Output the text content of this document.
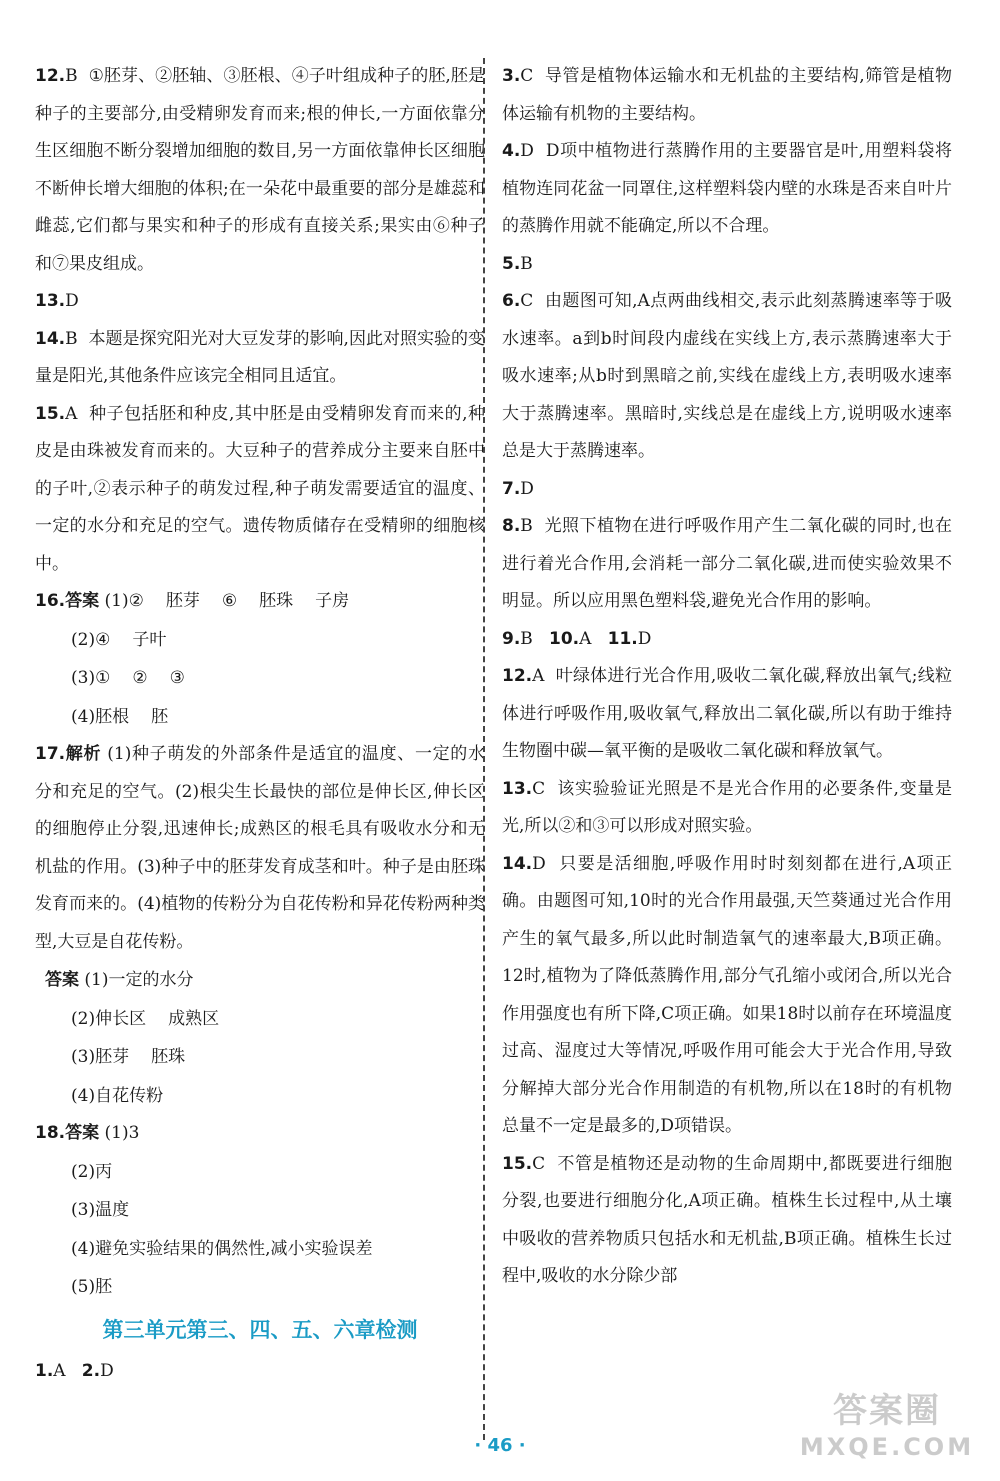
12.B ①胚芽、②胚轴、③胚根、④子叶组成种子的胚,胚是种子的主要部分,由受精卵发育而来;根的伸长,一方面依靠分生区细胞不断分裂增加细胞的数目,另一方面依靠伸长区细胞不断伸长增大细胞的体积;在一朵花中最重要的部分是雄蕊和雌蕊,它们都与果实和种子的形成有直接关系;果实由⑥种子和⑦果皮组成。

13.D

14.B 本题是探究阳光对大豆发芽的影响,因此对照实验的变量是阳光,其他条件应该完全相同且适宜。

15.A 种子包括胚和种皮,其中胚是由受精卵发育而来的,种皮是由珠被发育而来的。大豆种子的营养成分主要来自胚中的子叶,②表示种子的萌发过程,种子萌发需要适宜的温度、一定的水分和充足的空气。遗传物质储存在受精卵的细胞核中。

16.答案 (1)② 胚芽 ⑥ 胚珠 子房

(2)④ 子叶

(3)① ② ③

(4)胚根 胚

17.解析 (1)种子萌发的外部条件是适宜的温度、一定的水分和充足的空气。(2)根尖生长最快的部位是伸长区,伸长区的细胞停止分裂,迅速伸长;成熟区的根毛具有吸收水分和无机盐的作用。(3)种子中的胚芽发育成茎和叶。种子是由胚珠发育而来的。(4)植物的传粉分为自花传粉和异花传粉两种类型,大豆是自花传粉。

答案 (1)一定的水分

(2)伸长区 成熟区

(3)胚芽 胚珠

(4)自花传粉

18.答案 (1)3

(2)丙

(3)温度

(4)避免实验结果的偶然性,减小实验误差

(5)胚

第三单元第三、四、五、六章检测

1.A 2.D

3.C 导管是植物体运输水和无机盐的主要结构,筛管是植物体运输有机物的主要结构。

4.D D项中植物进行蒸腾作用的主要器官是叶,用塑料袋将植物连同花盆一同罩住,这样塑料袋内壁的水珠是否来自叶片的蒸腾作用就不能确定,所以不合理。

5.B

6.C 由题图可知,A点两曲线相交,表示此刻蒸腾速率等于吸水速率。a到b时间段内虚线在实线上方,表示蒸腾速率大于吸水速率;从b时到黑暗之前,实线在虚线上方,表明吸水速率大于蒸腾速率。黑暗时,实线总是在虚线上方,说明吸水速率总是大于蒸腾速率。

7.D

8.B 光照下植物在进行呼吸作用产生二氧化碳的同时,也在进行着光合作用,会消耗一部分二氧化碳,进而使实验效果不明显。所以应用黑色塑料袋,避免光合作用的影响。

9.B 10.A 11.D

12.A 叶绿体进行光合作用,吸收二氧化碳,释放出氧气;线粒体进行呼吸作用,吸收氧气,释放出二氧化碳,所以有助于维持生物圈中碳—氧平衡的是吸收二氧化碳和释放氧气。

13.C 该实验验证光照是不是光合作用的必要条件,变量是光,所以②和③可以形成对照实验。

14.D 只要是活细胞,呼吸作用时时刻刻都在进行,A项正确。由题图可知,10时的光合作用最强,天竺葵通过光合作用产生的氧气最多,所以此时制造氧气的速率最大,B项正确。12时,植物为了降低蒸腾作用,部分气孔缩小或闭合,所以光合作用强度也有所下降,C项正确。如果18时以前存在环境温度过高、湿度过大等情况,呼吸作用可能会大于光合作用,导致分解掉大部分光合作用制造的有机物,所以在18时的有机物总量不一定是最多的,D项错误。

15.C 不管是植物还是动物的生命周期中,都既要进行细胞分裂,也要进行细胞分化,A项正确。植株生长过程中,从土壤中吸收的营养物质只包括水和无机盐,B项正确。植株生长过程中,吸收的水分除少部

· 46 ·
答案圈
MXQE.COM
